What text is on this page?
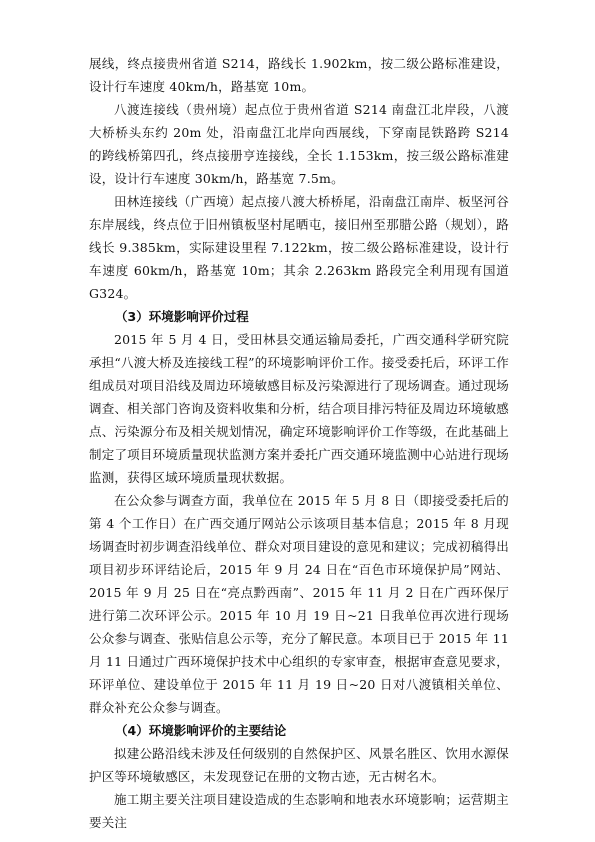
展线，终点接贵州省道 S214，路线长 1.902km，按二级公路标准建设，设计行车速度 40km/h，路基宽 10m。

八渡连接线（贵州境）起点位于贵州省道 S214 南盘江北岸段，八渡大桥桥头东约 20m 处，沿南盘江北岸向西展线，下穿南昆铁路跨 S214 的跨线桥第四孔，终点接册亨连接线，全长 1.153km，按三级公路标准建设，设计行车速度 30km/h，路基宽 7.5m。

田林连接线（广西境）起点接八渡大桥桥尾，沿南盘江南岸、板坚河谷东岸展线，终点位于旧州镇板坚村尾晒屯，接旧州至那腊公路（规划），路线长 9.385km，实际建设里程 7.122km，按二级公路标准建设，设计行车速度 60km/h，路基宽 10m；其余 2.263km 路段完全利用现有国道 G324。

（3）环境影响评价过程

2015 年 5 月 4 日，受田林县交通运输局委托，广西交通科学研究院承担“八渡大桥及连接线工程”的环境影响评价工作。接受委托后，环评工作组成员对项目沿线及周边环境敏感目标及污染源进行了现场调查。通过现场调查、相关部门咨询及资料收集和分析，结合项目排污特征及周边环境敏感点、污染源分布及相关规划情况，确定环境影响评价工作等级，在此基础上制定了项目环境质量现状监测方案并委托广西交通环境监测中心站进行现场监测，获得区域环境质量现状数据。

在公众参与调查方面，我单位在 2015 年 5 月 8 日（即接受委托后的第 4 个工作日）在广西交通厅网站公示该项目基本信息；2015 年 8 月现场调查时初步调查沿线单位、群众对项目建设的意见和建议；完成初稿得出项目初步环评结论后，2015 年 9 月 24 日在“百色市环境保护局”网站、2015 年 9 月 25 日在“亮点黔西南”、2015 年 11 月 2 日在广西环保厅进行第二次环评公示。2015 年 10 月 19 日~21 日我单位再次进行现场公众参与调查、张贴信息公示等，充分了解民意。本项目已于 2015 年 11 月 11 日通过广西环境保护技术中心组织的专家审查，根据审查意见要求，环评单位、建设单位于 2015 年 11 月 19 日~20 日对八渡镇相关单位、群众补充公众参与调查。

（4）环境影响评价的主要结论

拟建公路沿线未涉及任何级别的自然保护区、风景名胜区、饮用水源保护区等环境敏感区，未发现登记在册的文物古迹，无古树名木。

施工期主要关注项目建设造成的生态影响和地表水环境影响；运营期主要关注
